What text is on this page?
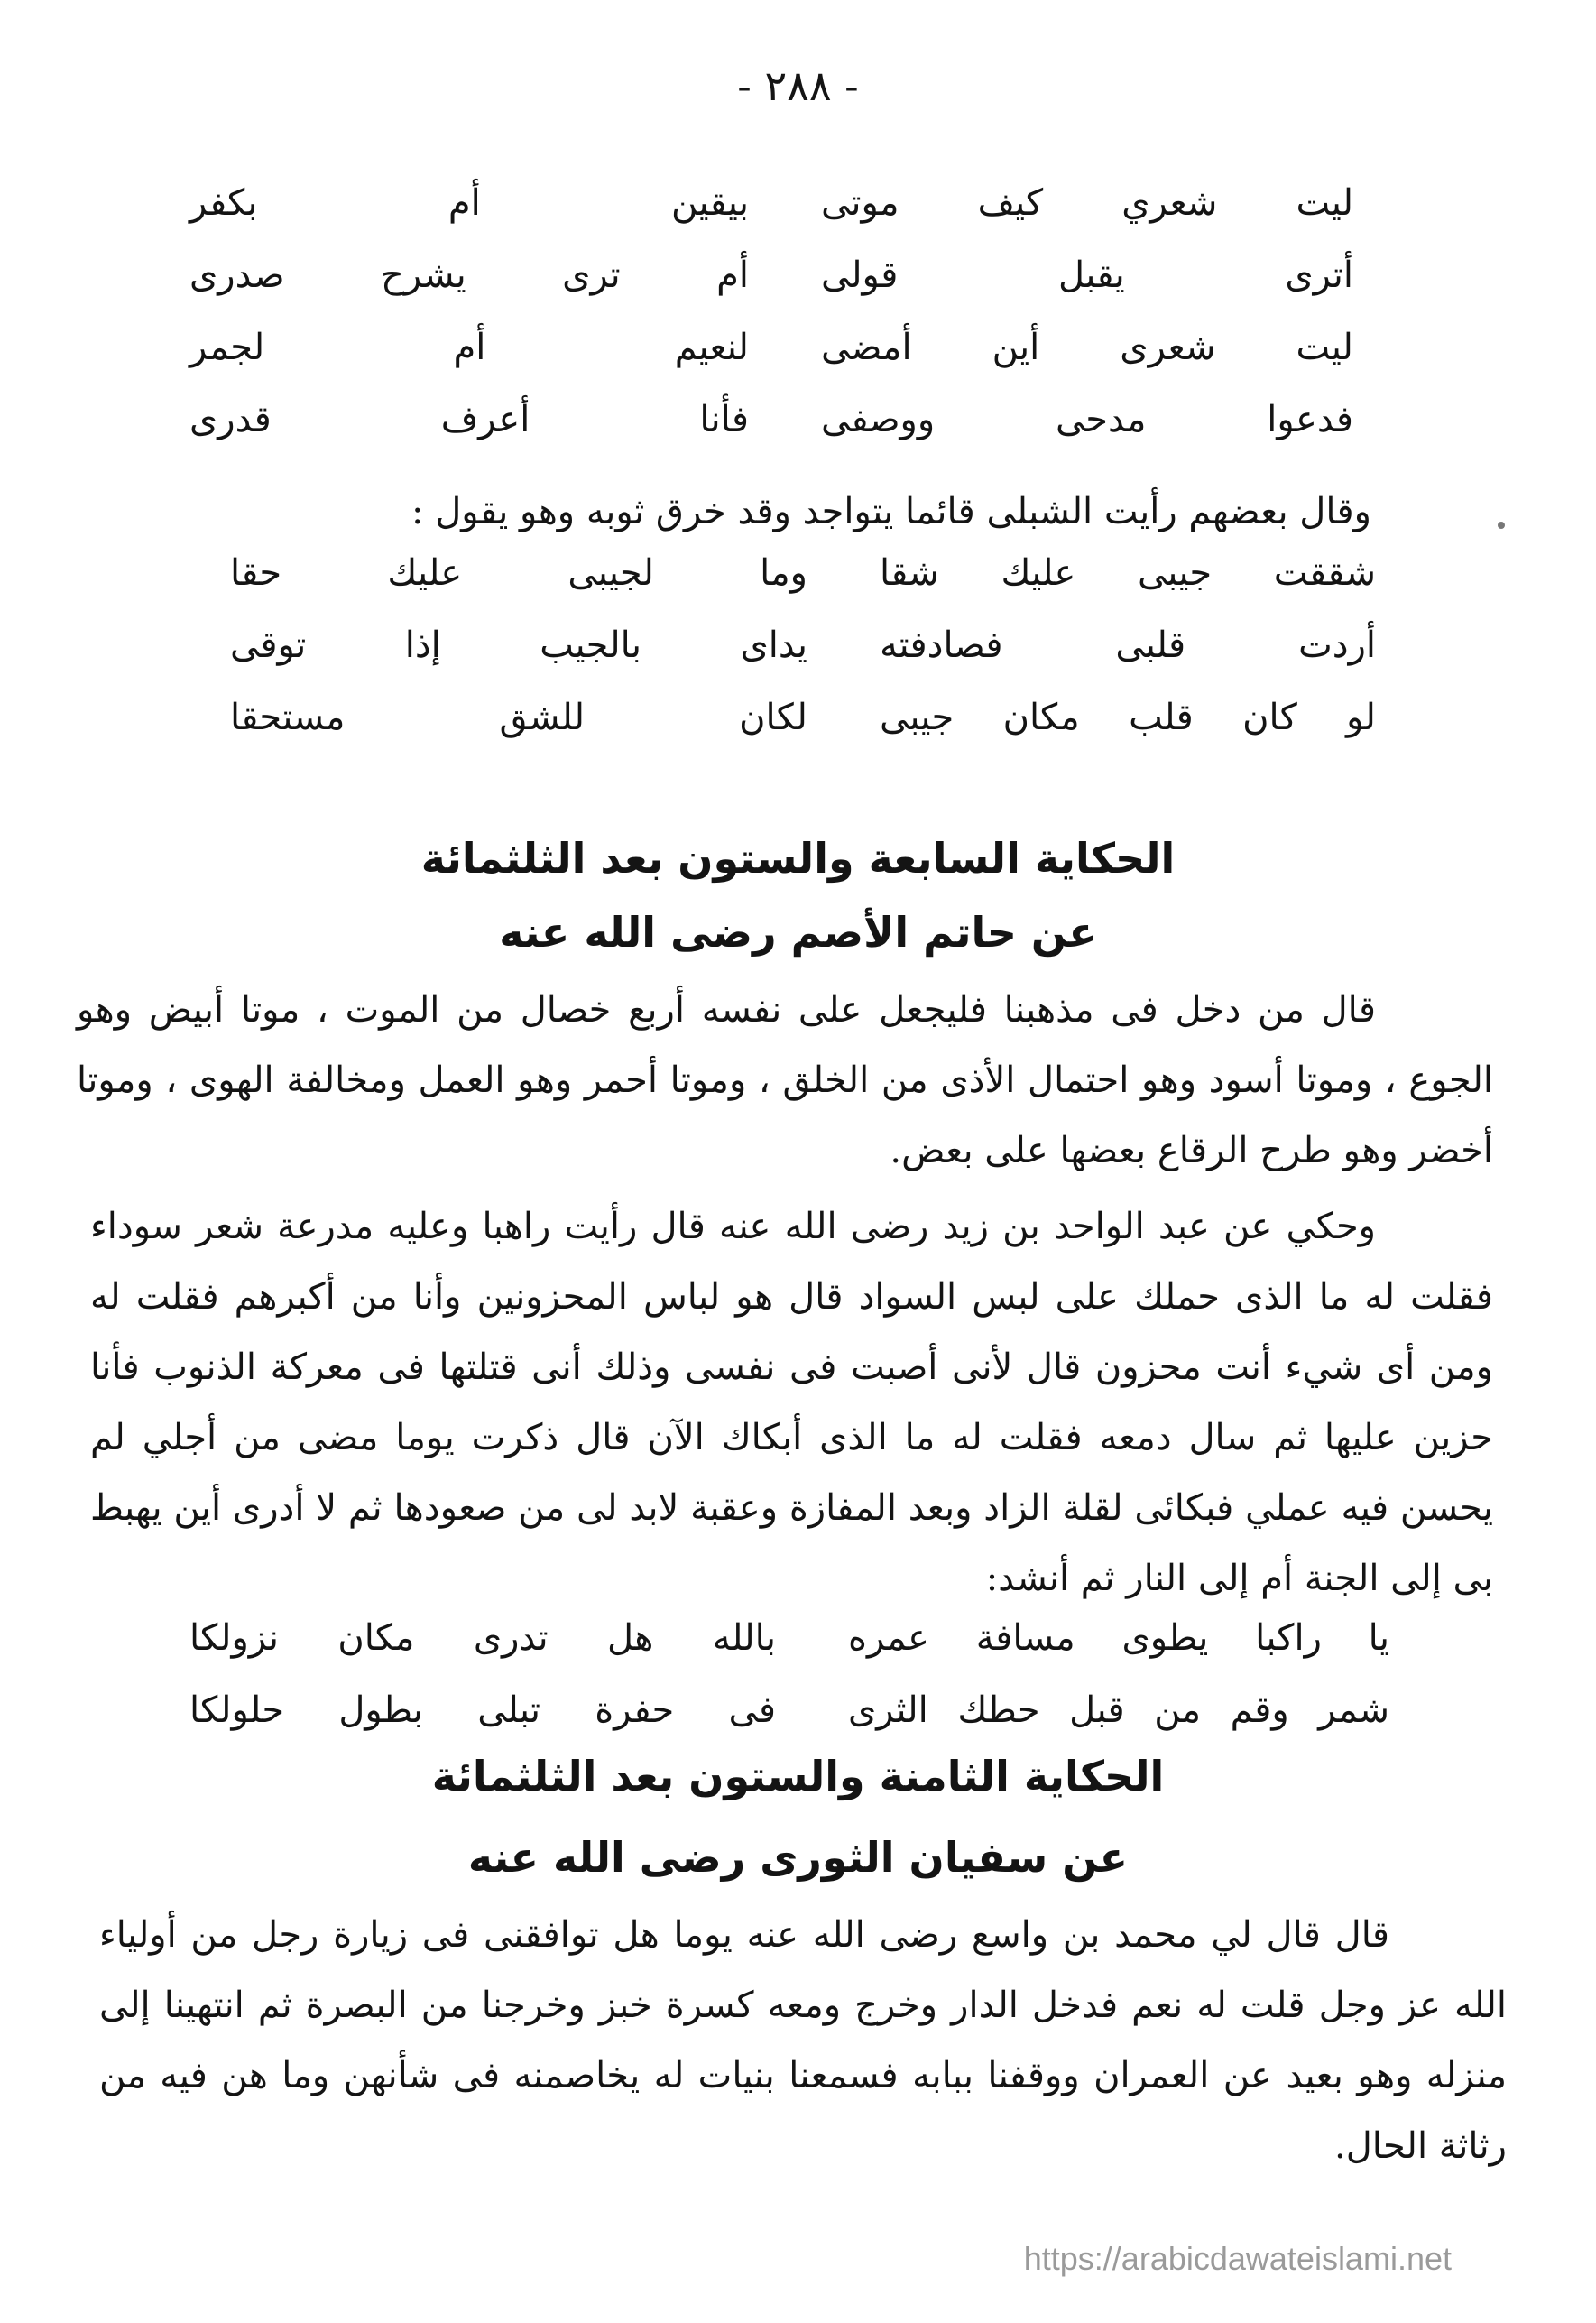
- ٢٨٨ -
ليت شعري كيف موتى
بيقين أم بكفر
أترى يقبل قولى
أم ترى يشرح صدرى
ليت شعرى أين أمضى
لنعيم أم لجمر
فدعوا مدحى ووصفى
فأنا أعرف قدرى

وقال بعضهم رأيت الشبلى قائما يتواجد وقد خرق ثوبه وهو يقول :

شققت جيبى عليك شقا
وما لجيبى عليك حقا
أردت قلبى فصادفته
يداى بالجيب إذا توقى
لو كان قلب مكان جيبى
لكان للشق مستحقا
الحكاية السابعة والستون بعد الثلثمائة
عن حاتم الأصم رضى الله عنه

قال من دخل فى مذهبنا فليجعل على نفسه أربع خصال من الموت ، موتا أبيض وهو الجوع ، وموتا أسود وهو احتمال الأذى من الخلق ، وموتا أحمر وهو العمل ومخالفة الهوى ، وموتا أخضر وهو طرح الرقاع بعضها على بعض.

وحكي عن عبد الواحد بن زيد رضى الله عنه قال رأيت راهبا وعليه مدرعة شعر سوداء فقلت له ما الذى حملك على لبس السواد قال هو لباس المحزونين وأنا من أكبرهم فقلت له ومن أى شيء أنت محزون قال لأنى أصبت فى نفسى وذلك أنى قتلتها فى معركة الذنوب فأنا حزين عليها ثم سال دمعه فقلت له ما الذى أبكاك الآن قال ذكرت يوما مضى من أجلي لم يحسن فيه عملي فبكائى لقلة الزاد وبعد المفازة وعقبة لابد لى من صعودها ثم لا أدرى أين يهبط بى إلى الجنة أم إلى النار ثم أنشد:

يا راكبا يطوى مسافة عمره
بالله هل تدرى مكان نزولكا
شمر وقم من قبل حطك الثرى
فى حفرة تبلى بطول حلولكا
الحكاية الثامنة والستون بعد الثلثمائة
عن سفيان الثورى رضى الله عنه

قال قال لي محمد بن واسع رضى الله عنه يوما هل توافقنى فى زيارة رجل من أولياء الله عز وجل قلت له نعم فدخل الدار وخرج ومعه كسرة خبز وخرجنا من البصرة ثم انتهينا إلى منزله وهو بعيد عن العمران ووقفنا ببابه فسمعنا بنيات له يخاصمنه فى شأنهن وما هن فيه من رثاثة الحال.

https://arabicdawateislami.net
